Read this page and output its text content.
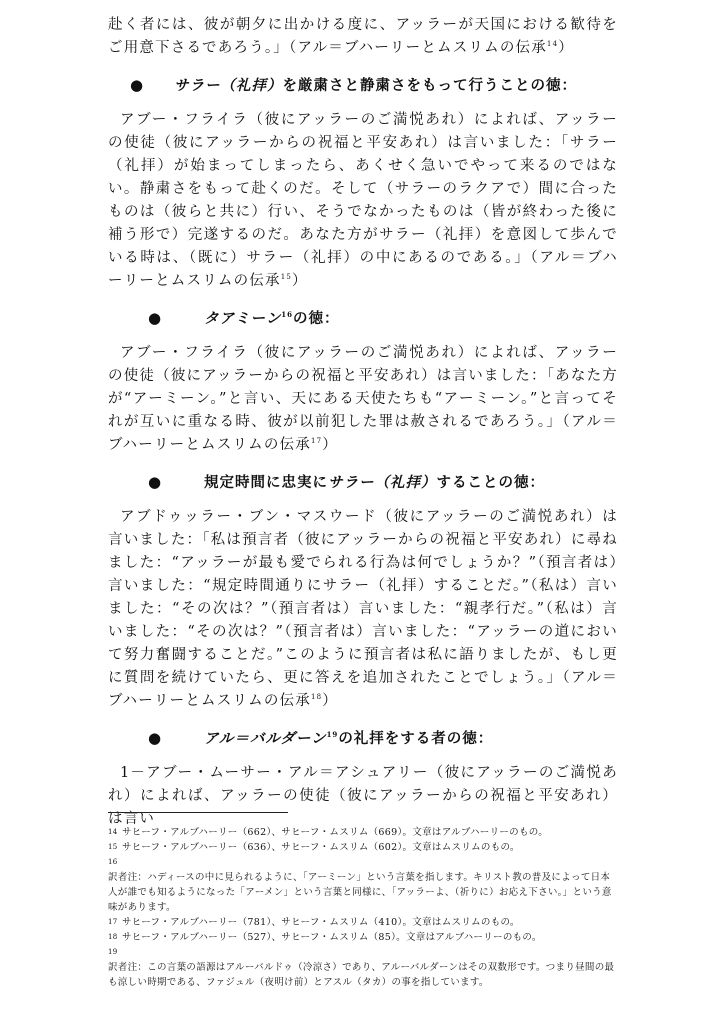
赴く者には、彼が朝夕に出かける度に、アッラーが天国における歓待をご用意下さるであろう。」（アル＝ブハーリーとムスリムの伝承$^{14}$）

●	サラー（礼拝）を厳粛さと静粛さをもって行うことの徳：

アブー・フライラ（彼にアッラーのご満悦あれ）によれば、アッラーの使徒（彼にアッラーからの祝福と平安あれ）は言いました：「サラー（礼拝）が始まってしまったら、あくせく急いでやって来るのではない。静粛さをもって赴くのだ。そして（サラーのラクアで）間に合ったものは（彼らと共に）行い、そうでなかったものは（皆が終わった後に補う形で）完遂するのだ。あなた方がサラー（礼拝）を意図して歩んでいる時は、（既に）サラー（礼拝）の中にあるのである。」（アル＝ブハーリーとムスリムの伝承$^{15}$）

●	タアミーン$^{16}$の徳：

アブー・フライラ（彼にアッラーのご満悦あれ）によれば、アッラーの使徒（彼にアッラーからの祝福と平安あれ）は言いました：「あなた方が“アーミーン。”と言い、天にある天使たちも“アーミーン。”と言ってそれが互いに重なる時、彼が以前犯した罪は赦されるであろう。」（アル＝ブハーリーとムスリムの伝承$^{17}$）

●	規定時間に忠実にサラー（礼拝）することの徳：

アブドゥッラー・ブン・マスウード（彼にアッラーのご満悦あれ）は言いました：「私は預言者（彼にアッラーからの祝福と平安あれ）に尋ねました：“アッラーが最も愛でられる行為は何でしょうか？”（預言者は）言いました：“規定時間通りにサラー（礼拝）することだ。”（私は）言いました：“その次は？”（預言者は）言いました：“親孝行だ。”（私は）言いました：“その次は？”（預言者は）言いました：“アッラーの道において努力奮闘することだ。”このように預言者は私に語りましたが、もし更に質問を続けていたら、更に答えを追加されたことでしょう。」（アル＝ブハーリーとムスリムの伝承$^{18}$）

●	アル＝バルダーン$^{19}$の礼拝をする者の徳：

1－アブー・ムーサー・アル＝アシュアリー（彼にアッラーのご満悦あれ）によれば、アッラーの使徒（彼にアッラーからの祝福と平安あれ）は言い

14 サヒーフ・アルブハーリー（662）、サヒーフ・ムスリム（669）。文章はアルブハーリーのもの。

15 サヒーフ・アルブハーリー（636）、サヒーフ・ムスリム（602）。文章はムスリムのもの。

16
訳者注：ハディースの中に見られるように、「アーミーン」という言葉を指します。キリスト教の普及によって日本人が誰でも知るようになった「アーメン」という言葉と同様に、「アッラーよ、（祈りに）お応え下さい。」という意味があります。

17 サヒーフ・アルブハーリー（781）、サヒーフ・ムスリム（410）。文章はムスリムのもの。

18 サヒーフ・アルブハーリー（527）、サヒーフ・ムスリム（85）。文章はアルブハーリーのもの。

19
訳者注：この言葉の語源はアルーバルドゥ（冷涼さ）であり、アルーバルダーンはその双数形です。つまり昼間の最も涼しい時期である、ファジュル（夜明け前）とアスル（タカ）の事を指しています。
